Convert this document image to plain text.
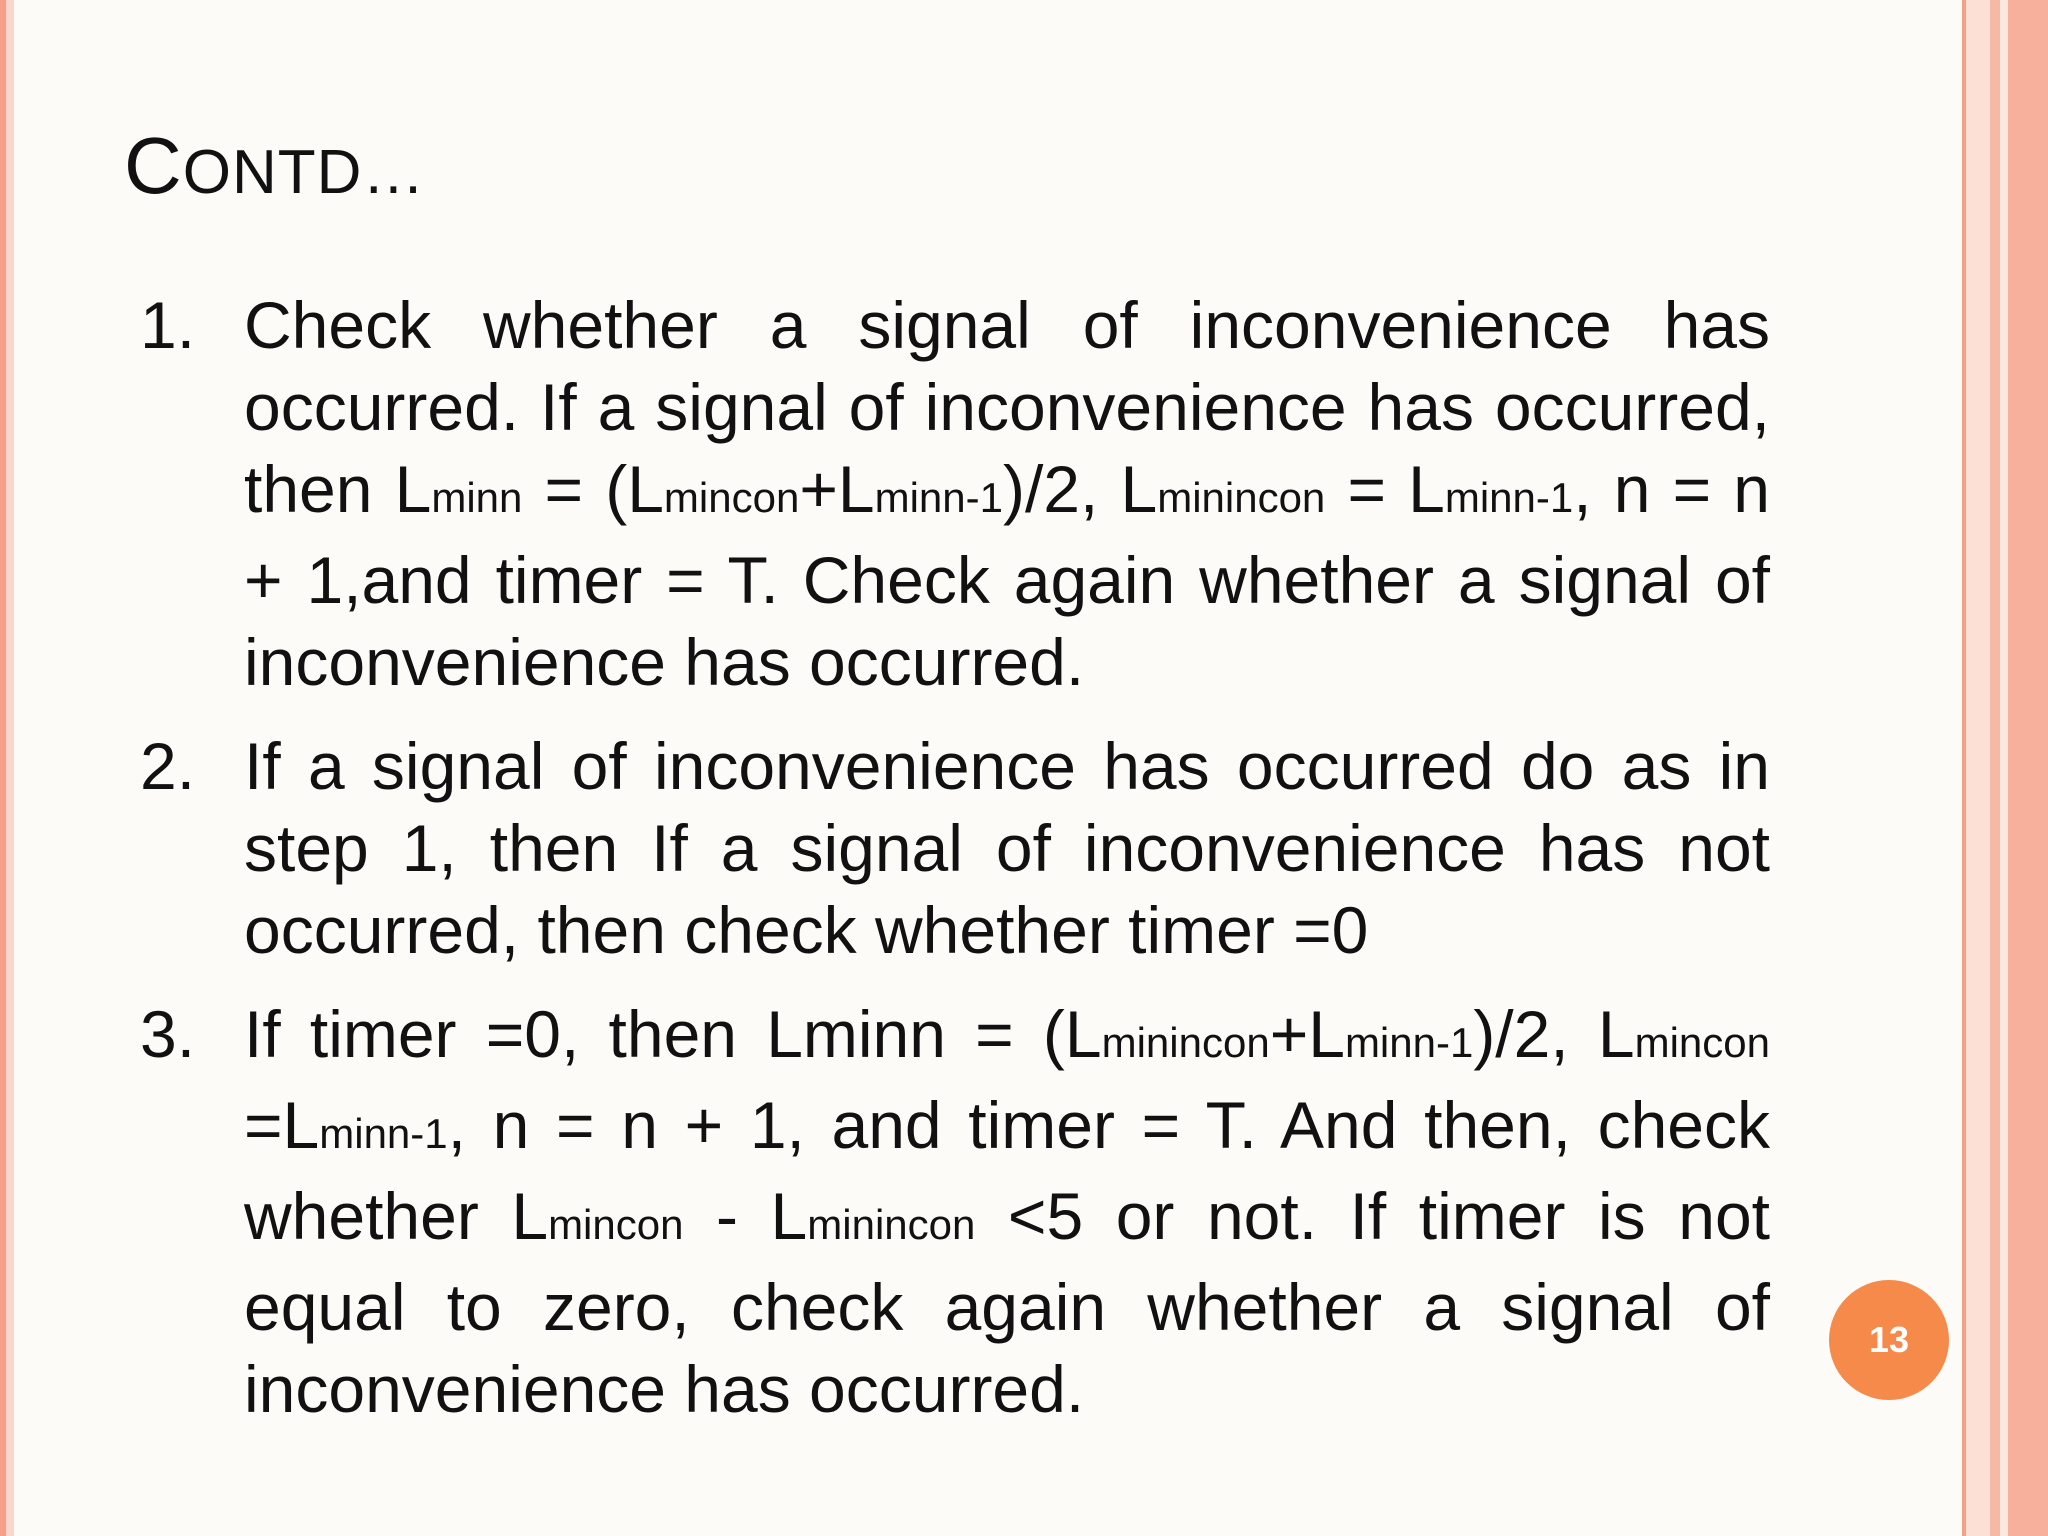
CONTD…
1. Check whether a signal of inconvenience has occurred. If a signal of inconvenience has occurred, then Lminn = (Lmincon+Lminn-1)/2, Lminincon = Lminn-1, n = n + 1,and timer = T. Check again whether a signal of inconvenience has occurred.
2. If a signal of inconvenience has occurred do as in step 1, then If a signal of inconvenience has not occurred, then check whether timer =0
3. If timer =0, then Lminn = (Lminincon+Lminn-1)/2, Lmincon =Lminn-1, n = n + 1, and timer = T. And then, check whether Lmincon - Lminincon <5 or not. If timer is not equal to zero, check again whether a signal of inconvenience has occurred.
13
